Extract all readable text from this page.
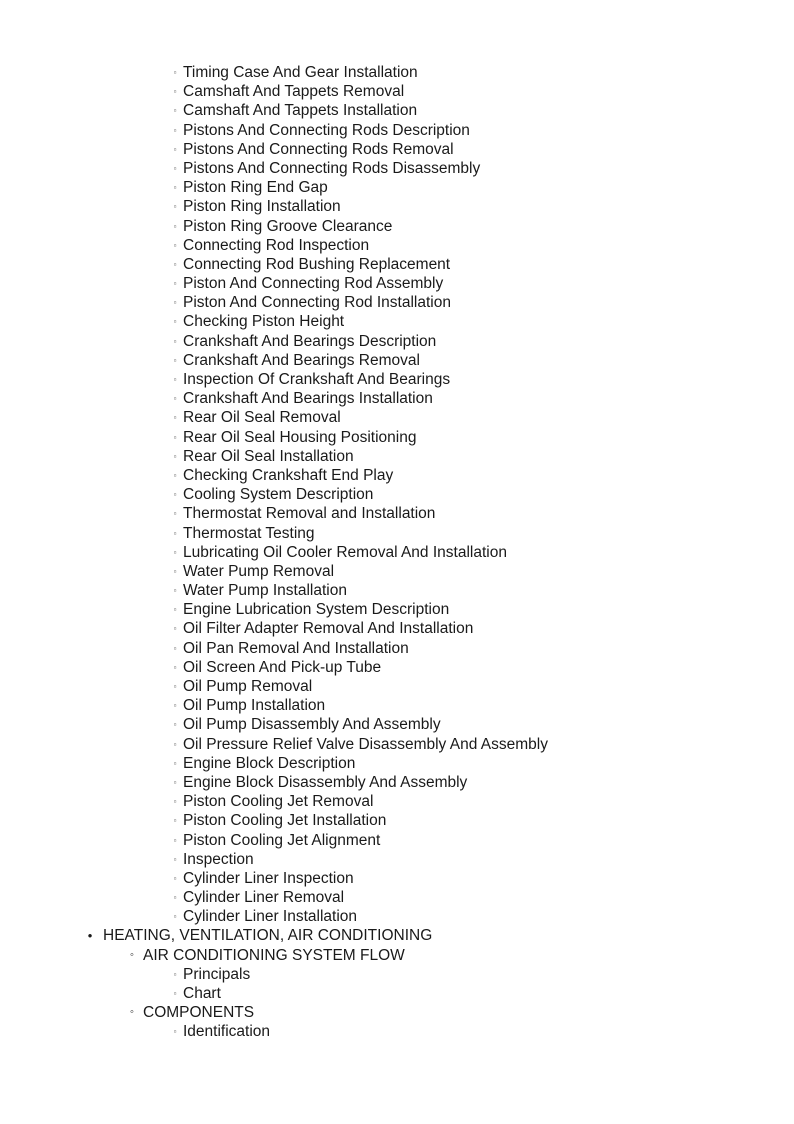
▫ Timing Case And Gear Installation
▫ Camshaft And Tappets Removal
▫ Camshaft And Tappets Installation
▫ Pistons And Connecting Rods Description
▫ Pistons And Connecting Rods Removal
▫ Pistons And Connecting Rods Disassembly
▫ Piston Ring End Gap
▫ Piston Ring Installation
▫ Piston Ring Groove Clearance
▫ Connecting Rod Inspection
▫ Connecting Rod Bushing Replacement
▫ Piston And Connecting Rod Assembly
▫ Piston And Connecting Rod Installation
▫ Checking Piston Height
▫ Crankshaft And Bearings Description
▫ Crankshaft And Bearings Removal
▫ Inspection Of Crankshaft And Bearings
▫ Crankshaft And Bearings Installation
▫ Rear Oil Seal Removal
▫ Rear Oil Seal Housing Positioning
▫ Rear Oil Seal Installation
▫ Checking Crankshaft End Play
▫ Cooling System Description
▫ Thermostat Removal and Installation
▫ Thermostat Testing
▫ Lubricating Oil Cooler Removal And Installation
▫ Water Pump Removal
▫ Water Pump Installation
▫ Engine Lubrication System Description
▫ Oil Filter Adapter Removal And Installation
▫ Oil Pan Removal And Installation
▫ Oil Screen And Pick-up Tube
▫ Oil Pump Removal
▫ Oil Pump Installation
▫ Oil Pump Disassembly And Assembly
▫ Oil Pressure Relief Valve Disassembly And Assembly
▫ Engine Block Description
▫ Engine Block Disassembly And Assembly
▫ Piston Cooling Jet Removal
▫ Piston Cooling Jet Installation
▫ Piston Cooling Jet Alignment
▫ Inspection
▫ Cylinder Liner Inspection
▫ Cylinder Liner Removal
▫ Cylinder Liner Installation
• HEATING, VENTILATION, AIR CONDITIONING
◦ AIR CONDITIONING SYSTEM FLOW
▫ Principals
▫ Chart
◦ COMPONENTS
▫ Identification
